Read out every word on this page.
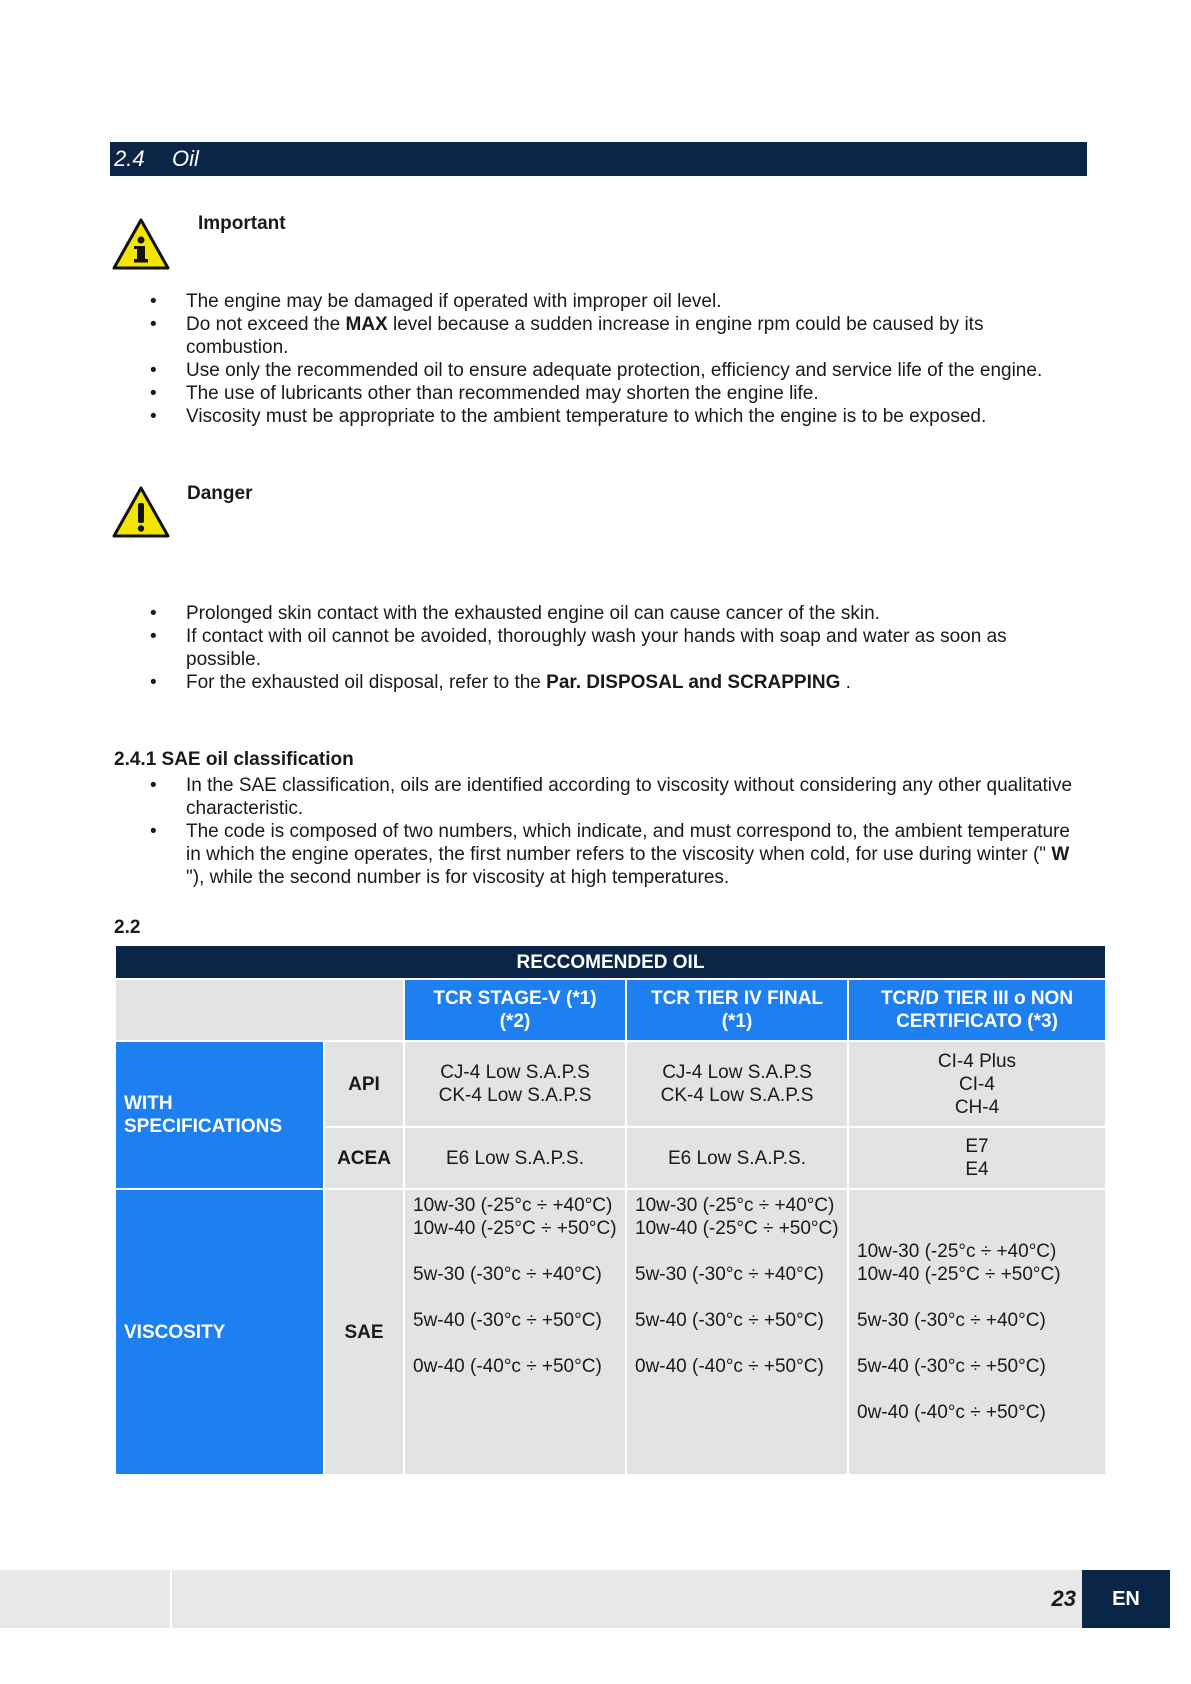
2.4 Oil
Important
• The engine may be damaged if operated with improper oil level.
• Do not exceed the MAX level because a sudden increase in engine rpm could be caused by its combustion.
• Use only the recommended oil to ensure adequate protection, efficiency and service life of the engine.
• The use of lubricants other than recommended may shorten the engine life.
• Viscosity must be appropriate to the ambient temperature to which the engine is to be exposed.
Danger
• Prolonged skin contact with the exhausted engine oil can cause cancer of the skin.
• If contact with oil cannot be avoided, thoroughly wash your hands with soap and water as soon as possible.
• For the exhausted oil disposal, refer to the Par. DISPOSAL and SCRAPPING .
2.4.1 SAE oil classification
• In the SAE classification, oils are identified according to viscosity without considering any other qualitative characteristic.
• The code is composed of two numbers, which indicate, and must correspond to, the ambient temperature in which the engine operates, the first number refers to the viscosity when cold, for use during winter (" W "), while the second number is for viscosity at high temperatures.
2.2
RECCOMENDED OIL				

		TCR STAGE-V (*1)
(*2)	TCR TIER IV FINAL
(*1)	TCR/D TIER III o NON
CERTIFICATO (*3)

WITH SPECIFICATIONS	API	CJ-4 Low S.A.P.S
CK-4 Low S.A.P.S	CJ-4 Low S.A.P.S
CK-4 Low S.A.P.S	CI-4 Plus
CI-4
CH-4

	ACEA	E6 Low S.A.P.S.	E6 Low S.A.P.S.	E7
E4

VISCOSITY	SAE	10w-30 (-25°c ÷ +40°C) 10w-40 (-25°C ÷ +50°C)
5w-30 (-30°c ÷ +40°C)
5w-40 (-30°c ÷ +50°C)
0w-40 (-40°c ÷ +50°C)	10w-30 (-25°c ÷ +40°C) 10w-40 (-25°C ÷ +50°C)
5w-30 (-30°c ÷ +40°C)
5w-40 (-30°c ÷ +50°C)
0w-40 (-40°c ÷ +50°C)	10w-30 (-25°c ÷ +40°C)
10w-40 (-25°C ÷ +50°C)
5w-30 (-30°c ÷ +40°C)
5w-40 (-30°c ÷ +50°C)
0w-40 (-40°c ÷ +50°C)
23	EN
